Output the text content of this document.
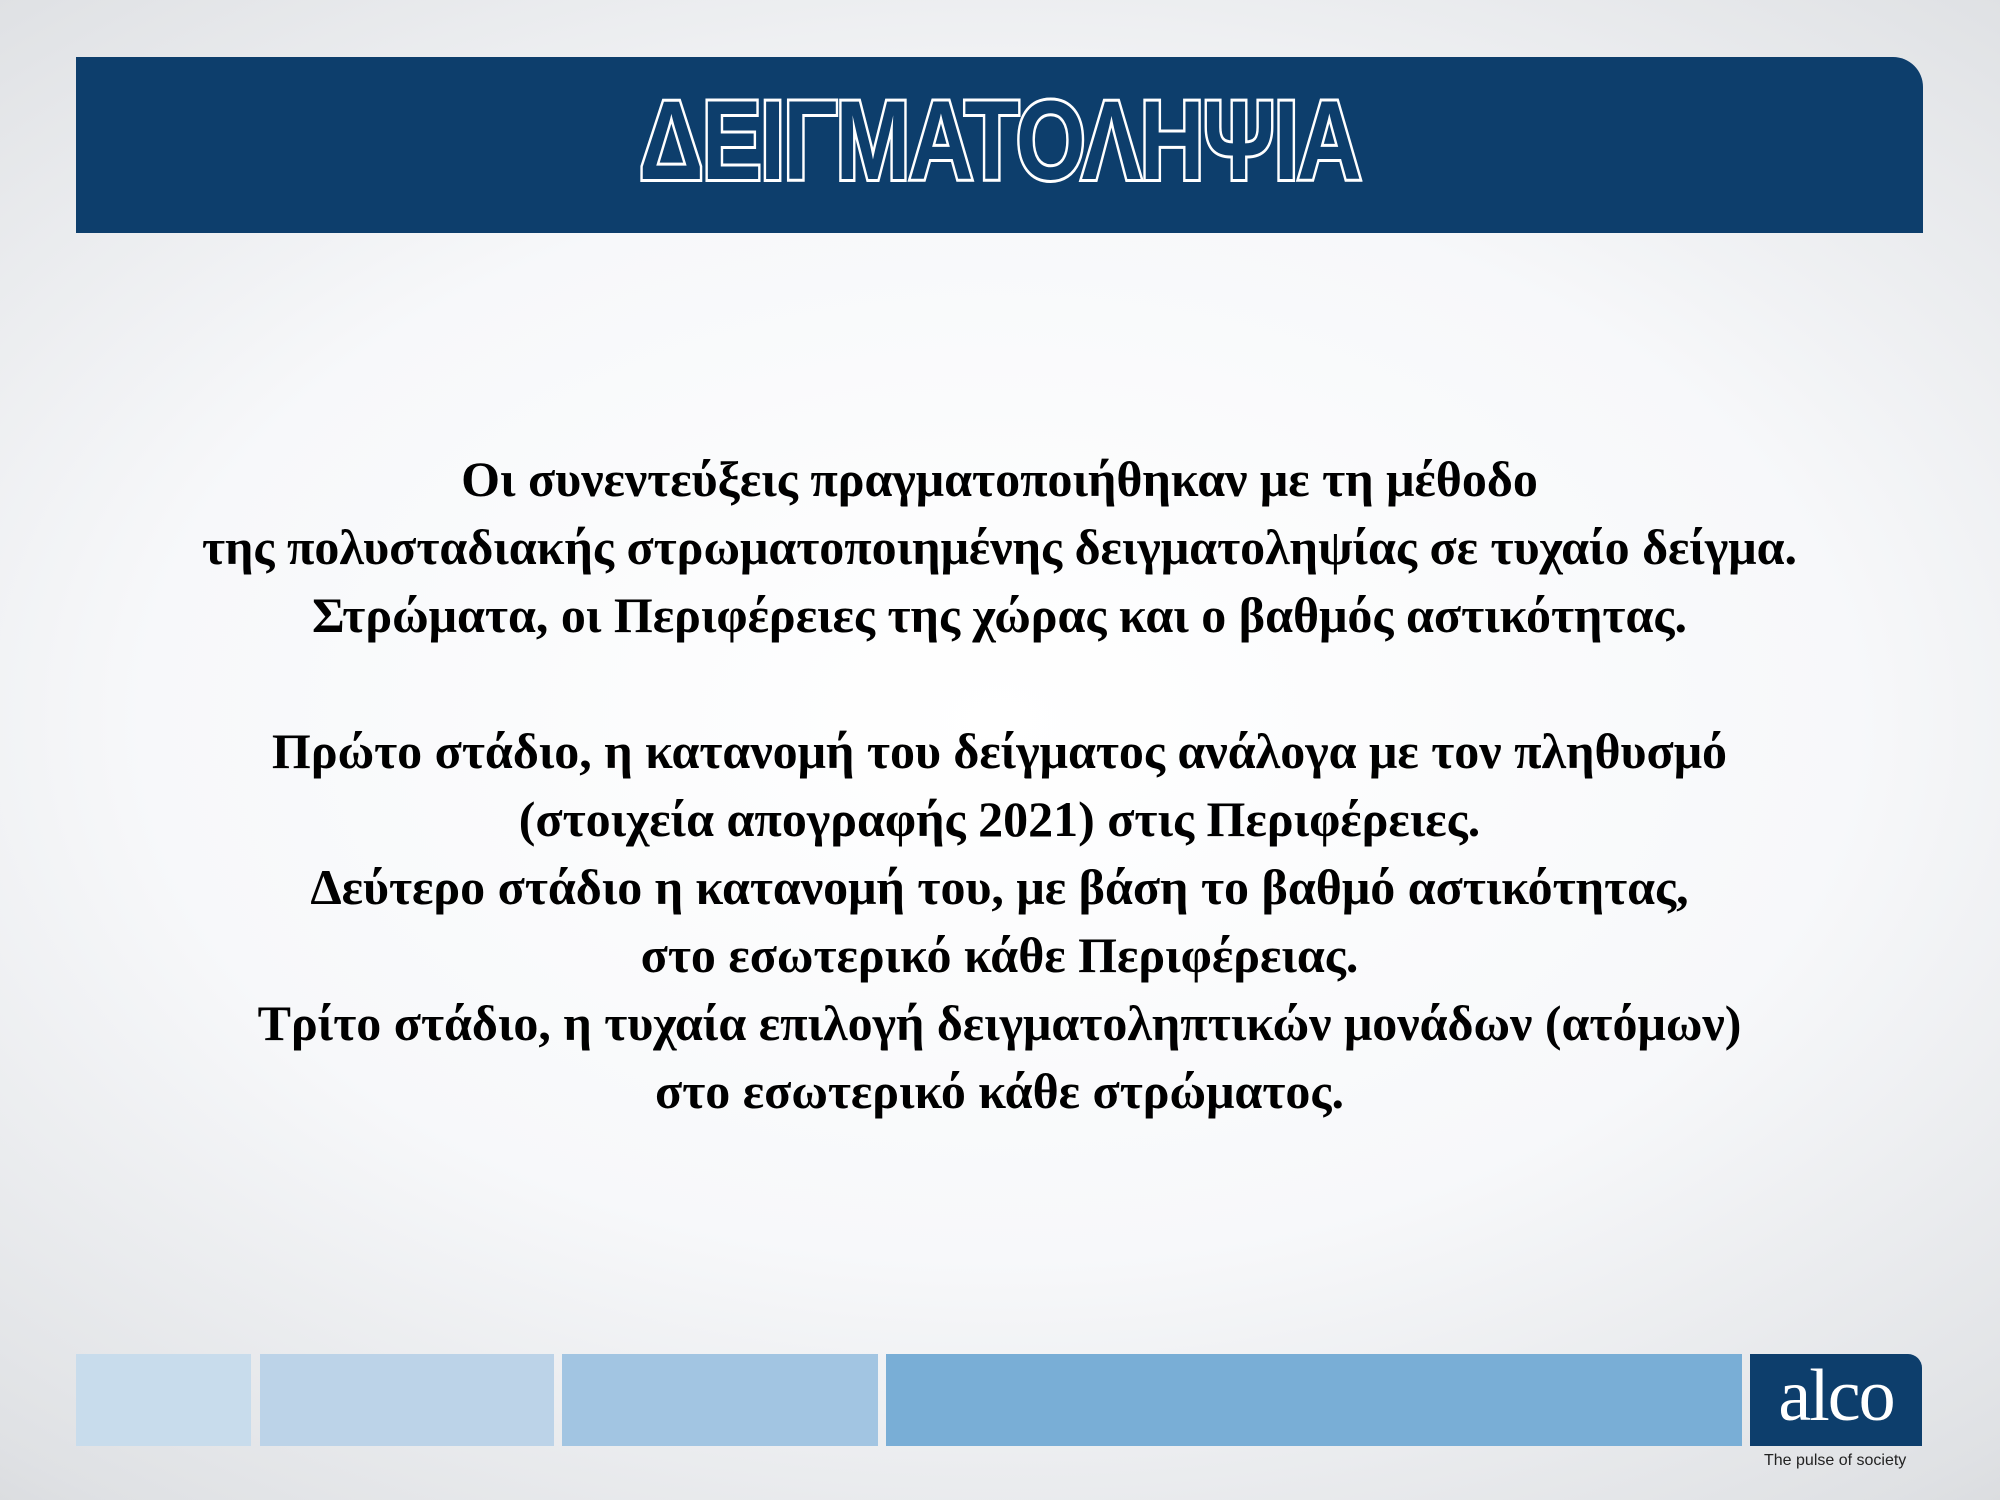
ΔΕΙΓΜΑΤΟΛΗΨΙΑ
Οι συνεντεύξεις πραγματοποιήθηκαν με τη μέθοδο
της πολυσταδιακής στρωματοποιημένης δειγματοληψίας σε τυχαίο δείγμα.
Στρώματα, οι Περιφέρειες της χώρας και ο βαθμός αστικότητας.
Πρώτο στάδιο, η κατανομή του δείγματος ανάλογα με τον πληθυσμό
(στοιχεία απογραφής 2021) στις Περιφέρειες.
Δεύτερο στάδιο η κατανομή του, με βάση το βαθμό αστικότητας,
στο εσωτερικό κάθε Περιφέρειας.
Τρίτο στάδιο, η τυχαία επιλογή δειγματοληπτικών μονάδων (ατόμων)
στο εσωτερικό κάθε στρώματος.
alco
The pulse of society
